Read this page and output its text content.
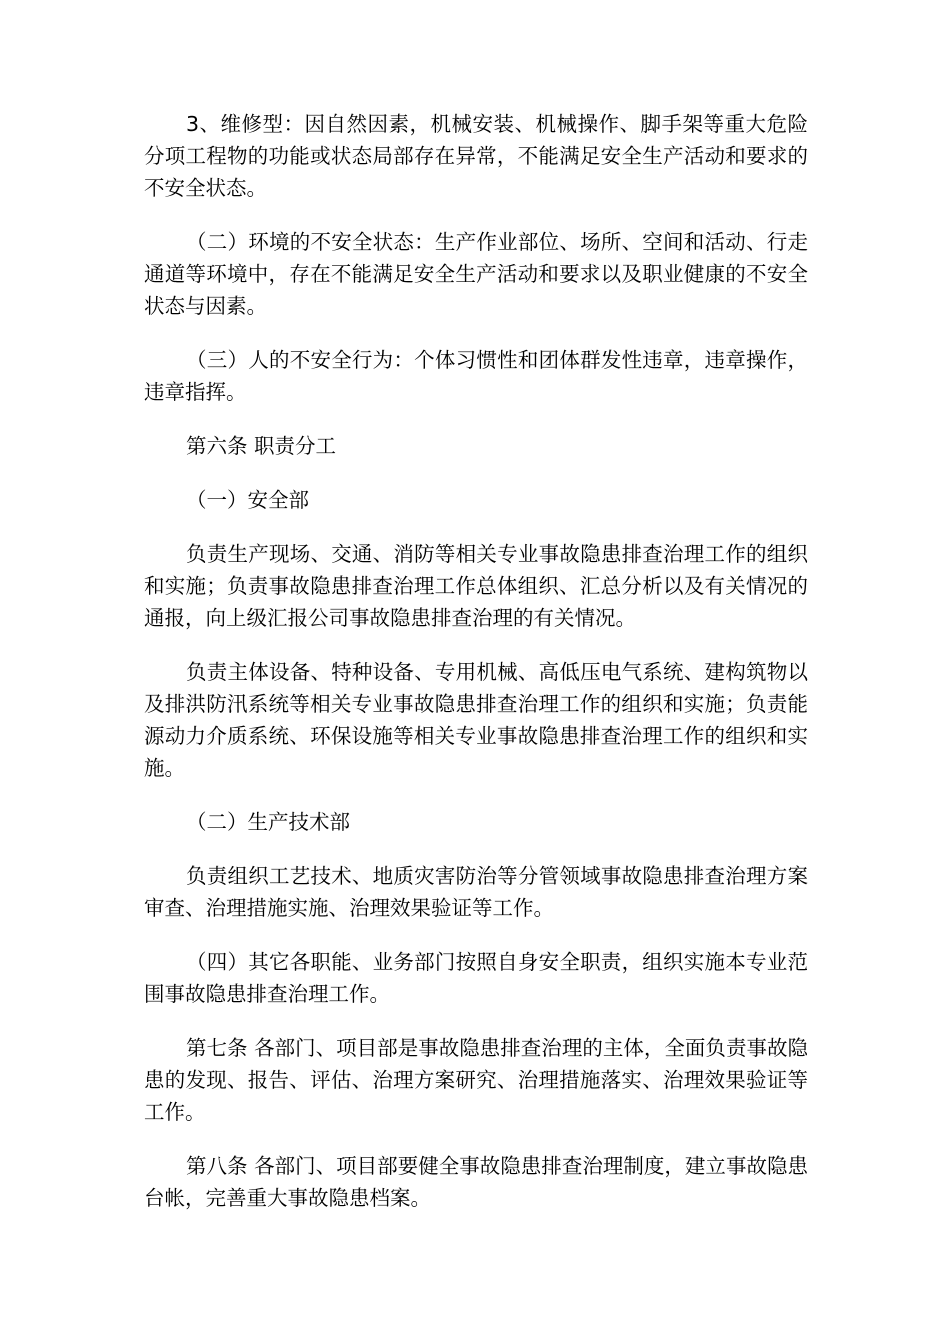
3、维修型：因自然因素，机械安装、机械操作、脚手架等重大危险分项工程物的功能或状态局部存在异常，不能满足安全生产活动和要求的不安全状态。

（二）环境的不安全状态：生产作业部位、场所、空间和活动、行走通道等环境中，存在不能满足安全生产活动和要求以及职业健康的不安全状态与因素。

（三）人的不安全行为：个体习惯性和团体群发性违章，违章操作，违章指挥。

第六条 职责分工

（一）安全部

负责生产现场、交通、消防等相关专业事故隐患排查治理工作的组织和实施；负责事故隐患排查治理工作总体组织、汇总分析以及有关情况的通报，向上级汇报公司事故隐患排查治理的有关情况。

负责主体设备、特种设备、专用机械、高低压电气系统、建构筑物以及排洪防汛系统等相关专业事故隐患排查治理工作的组织和实施；负责能源动力介质系统、环保设施等相关专业事故隐患排查治理工作的组织和实施。

（二）生产技术部

负责组织工艺技术、地质灾害防治等分管领域事故隐患排查治理方案审查、治理措施实施、治理效果验证等工作。

（四）其它各职能、业务部门按照自身安全职责，组织实施本专业范围事故隐患排查治理工作。

第七条 各部门、项目部是事故隐患排查治理的主体，全面负责事故隐患的发现、报告、评估、治理方案研究、治理措施落实、治理效果验证等工作。

第八条 各部门、项目部要健全事故隐患排查治理制度，建立事故隐患台帐，完善重大事故隐患档案。
